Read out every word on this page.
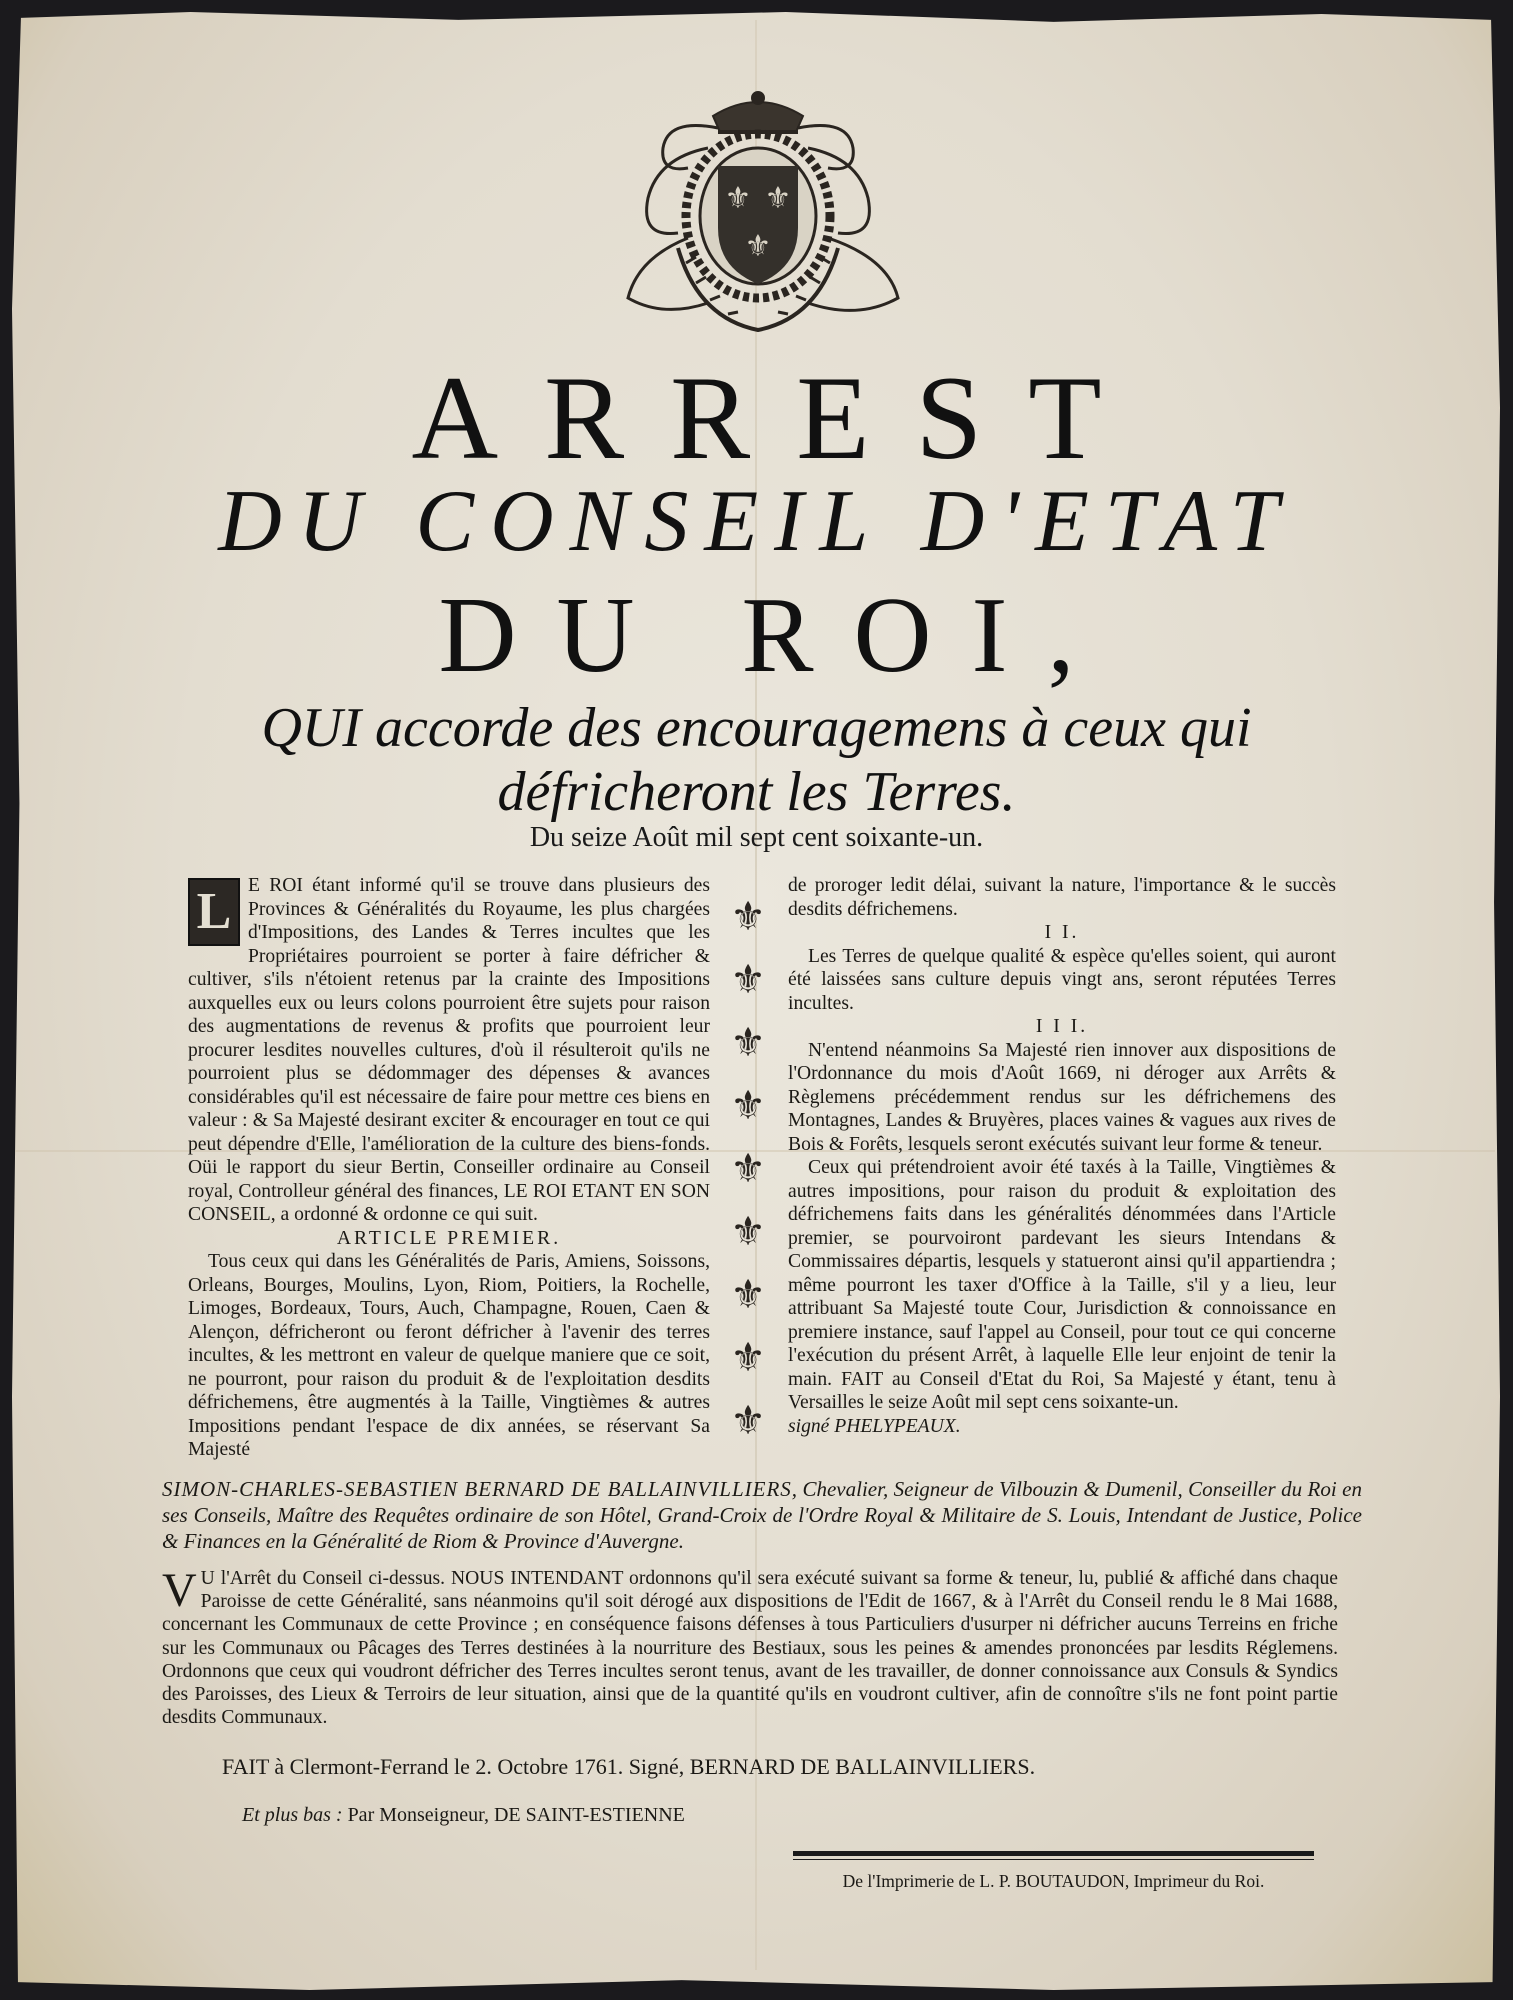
⚜ ⚜
⚜
ARREST
DU CONSEIL D'ETAT
DU ROI,
QUI accorde des encouragemens à ceux qui
défricheront les Terres.
Du seize Août mil sept cent soixante-un.
L E ROI étant informé qu'il se trouve dans plusieurs des Provinces & Généralités du Royaume, les plus chargées d'Impositions, des Landes & Terres incultes que les Propriétaires pourroient se porter à faire défricher & cultiver, s'ils n'étoient retenus par la crainte des Impositions auxquelles eux ou leurs colons pourroient être sujets pour raison des augmentations de revenus & profits que pourroient leur procurer lesdites nouvelles cultures, d'où il résulteroit qu'ils ne pourroient plus se dédommager des dépenses & avances considérables qu'il est nécessaire de faire pour mettre ces biens en valeur : & Sa Majesté desirant exciter & encourager en tout ce qui peut dépendre d'Elle, l'amélioration de la culture des biens-fonds. Oüi le rapport du sieur Bertin, Conseiller ordinaire au Conseil royal, Controlleur général des finances, LE ROI ETANT EN SON CONSEIL, a ordonné & ordonne ce qui suit.

ARTICLE PREMIER.

Tous ceux qui dans les Généralités de Paris, Amiens, Soissons, Orleans, Bourges, Moulins, Lyon, Riom, Poitiers, la Rochelle, Limoges, Bordeaux, Tours, Auch, Champagne, Rouen, Caen & Alençon, défricheront ou feront défricher à l'avenir des terres incultes, & les mettront en valeur de quelque maniere que ce soit, ne pourront, pour raison du produit & de l'exploitation desdits défrichemens, être augmentés à la Taille, Vingtièmes & autres Impositions pendant l'espace de dix années, se réservant Sa Majesté

⚜
⚜
⚜
⚜
⚜
⚜
⚜
⚜
⚜

de proroger ledit délai, suivant la nature, l'importance & le succès desdits défrichemens.

I I.

Les Terres de quelque qualité & espèce qu'elles soient, qui auront été laissées sans culture depuis vingt ans, seront réputées Terres incultes.

I I I.

N'entend néanmoins Sa Majesté rien innover aux dispositions de l'Ordonnance du mois d'Août 1669, ni déroger aux Arrêts & Règlemens précédemment rendus sur les défrichemens des Montagnes, Landes & Bruyères, places vaines & vagues aux rives de Bois & Forêts, lesquels seront exécutés suivant leur forme & teneur.

Ceux qui prétendroient avoir été taxés à la Taille, Vingtièmes & autres impositions, pour raison du produit & exploitation des défrichemens faits dans les généralités dénommées dans l'Article premier, se pourvoiront pardevant les sieurs Intendans & Commissaires départis, lesquels y statueront ainsi qu'il appartiendra ; même pourront les taxer d'Office à la Taille, s'il y a lieu, leur attribuant Sa Majesté toute Cour, Jurisdiction & connoissance en premiere instance, sauf l'appel au Conseil, pour tout ce qui concerne l'exécution du présent Arrêt, à laquelle Elle leur enjoint de tenir la main. FAIT au Conseil d'Etat du Roi, Sa Majesté y étant, tenu à Versailles le seize Août mil sept cens soixante-un.

signé PHELYPEAUX.

SIMON-CHARLES-SEBASTIEN BERNARD DE BALLAINVILLIERS, Chevalier, Seigneur de Vilbouzin & Dumenil, Conseiller du Roi en ses Conseils, Maître des Requêtes ordinaire de son Hôtel, Grand-Croix de l'Ordre Royal & Militaire de S. Louis, Intendant de Justice, Police & Finances en la Généralité de Riom & Province d'Auvergne.
V U l'Arrêt du Conseil ci-dessus. NOUS INTENDANT ordonnons qu'il sera exécuté suivant sa forme & teneur, lu, publié & affiché dans chaque Paroisse de cette Généralité, sans néanmoins qu'il soit dérogé aux dispositions de l'Edit de 1667, & à l'Arrêt du Conseil rendu le 8 Mai 1688, concernant les Communaux de cette Province ; en conséquence faisons défenses à tous Particuliers d'usurper ni défricher aucuns Terreins en friche sur les Communaux ou Pâcages des Terres destinées à la nourriture des Bestiaux, sous les peines & amendes prononcées par lesdits Réglemens. Ordonnons que ceux qui voudront défricher des Terres incultes seront tenus, avant de les travailler, de donner connoissance aux Consuls & Syndics des Paroisses, des Lieux & Terroirs de leur situation, ainsi que de la quantité qu'ils en voudront cultiver, afin de connoître s'ils ne font point partie desdits Communaux.
FAIT à Clermont-Ferrand le 2. Octobre 1761. Signé, BERNARD DE BALLAINVILLIERS.
Et plus bas : Par Monseigneur, DE SAINT-ESTIENNE
De l'Imprimerie de L. P. BOUTAUDON, Imprimeur du Roi.
